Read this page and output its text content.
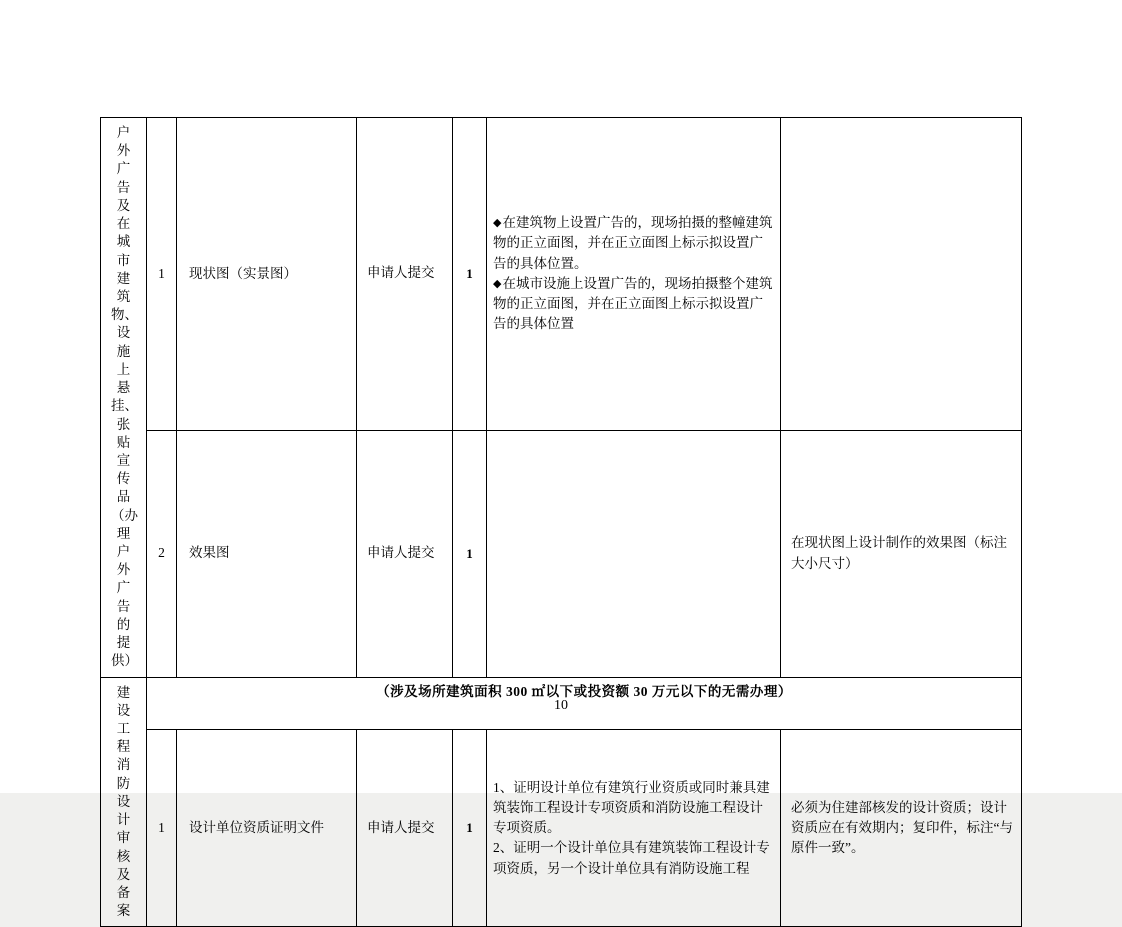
户外广告及在城市建筑物、设施上悬挂、张贴宣传品（办理户外广告的提供）	1	现状图（实景图）	申请人提交	1	◆在建筑物上设置广告的，现场拍摄的整幢建筑物的正立面图，并在正立面图上标示拟设置广告的具体位置。

◆在城市设施上设置广告的，现场拍摄整个建筑物的正立面图，并在正立面图上标示拟设置广告的具体位置	

	2	效果图	申请人提交	1		在现状图上设计制作的效果图（标注大小尺寸）

建设工程消防设计审核及备案	（涉及场所建筑面积 300 ㎡以下或投资额 30 万元以下的无需办理）					
	1	设计单位资质证明文件	申请人提交	1	1、证明设计单位有建筑行业资质或同时兼具建筑装饰工程设计专项资质和消防设施工程设计专项资质。

2、证明一个设计单位具有建筑装饰工程设计专项资质，另一个设计单位具有消防设施工程	必须为住建部核发的设计资质；设计资质应在有效期内；复印件，标注“与原件一致”。
10
